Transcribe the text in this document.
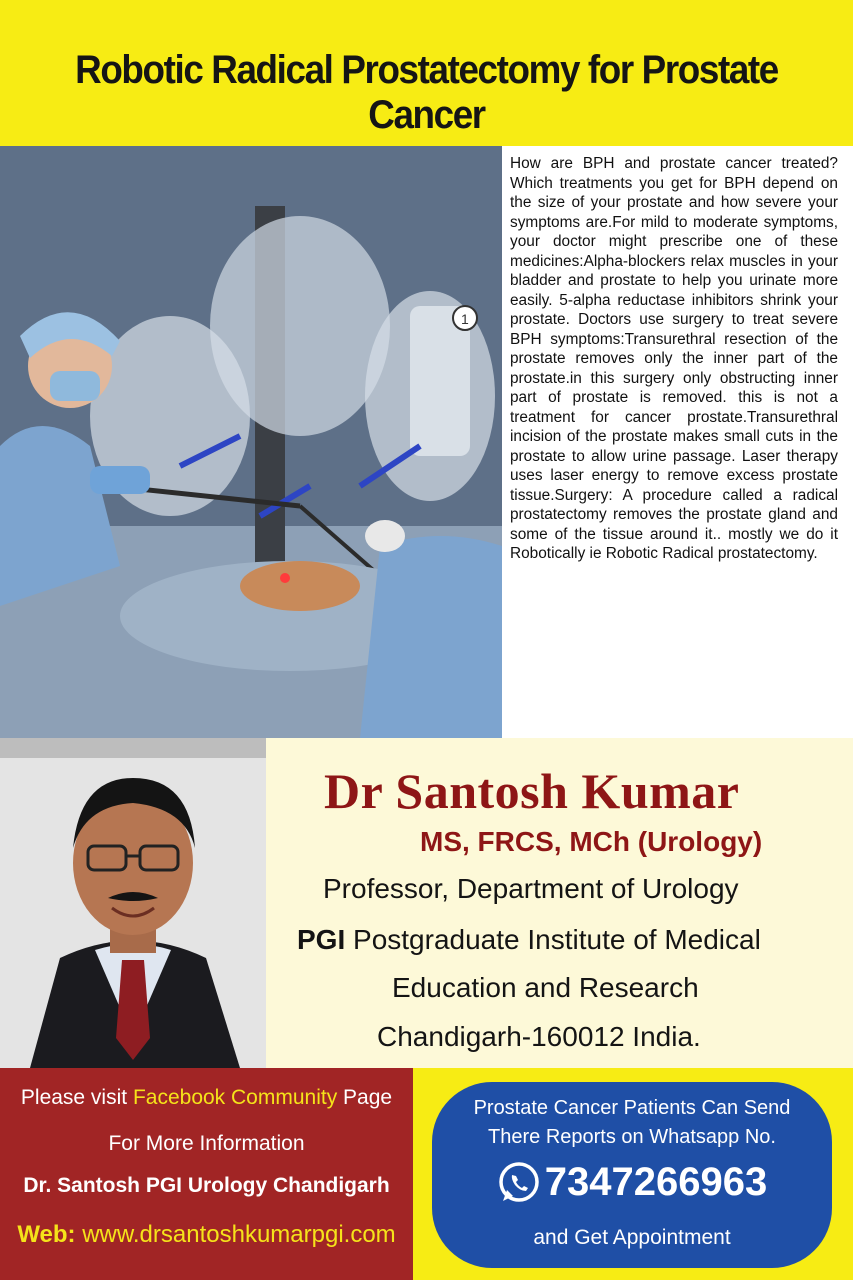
Robotic Radical Prostatectomy for Prostate Cancer
1
How are BPH and prostate cancer treated?Which treatments you get for BPH depend on the size of your prostate and how severe your symptoms are.For mild to moderate symptoms, your doctor might prescribe one of these medicines:Alpha-blockers relax muscles in your bladder and prostate to help you urinate more easily. 5-alpha reductase inhibitors shrink your prostate. Doctors use surgery to treat severe BPH symptoms:Transurethral resection of the prostate removes only the inner part of the prostate.in this surgery only obstructing inner part of prostate is removed. this is not a treatment for cancer prostate.Transurethral incision of the prostate makes small cuts in the prostate to allow urine passage. Laser therapy uses laser energy to remove excess prostate tissue.Surgery: A procedure called a radical prostatectomy removes the prostate gland and some of the tissue around it.. mostly we do it Robotically ie Robotic Radical prostatectomy.
Dr Santosh Kumar
MS, FRCS, MCh (Urology)
Professor, Department of Urology
PGI Postgraduate Institute of Medical
Education and Research
Chandigarh-160012 India.
Please visit Facebook Community Page
For More Information
Dr. Santosh PGI Urology Chandigarh
Web: www.drsantoshkumarpgi.com
Prostate Cancer Patients Can Send
There Reports on Whatsapp No.
7347266963
and Get Appointment
